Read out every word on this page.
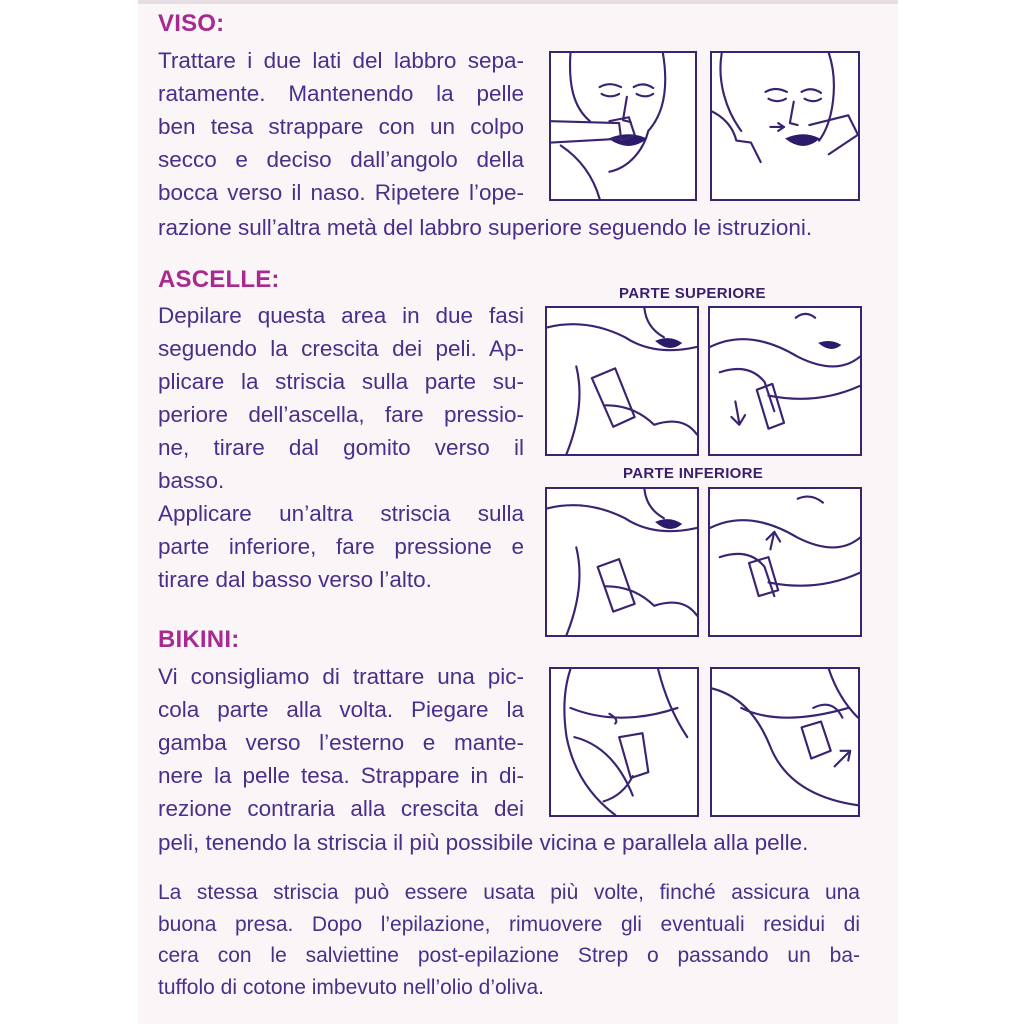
VISO:
Trattare i due lati del labbro sepa-
ratamente. Mantenendo la pelle
ben tesa strappare con un colpo
secco e deciso dall’angolo della
bocca verso il naso. Ripetere l’ope-

razione sull’altra metà del labbro superiore seguendo le istruzioni.

ASCELLE:
Depilare questa area in due fasi
seguendo la crescita dei peli. Ap-
plicare la striscia sulla parte su-
periore dell’ascella, fare pressio-
ne, tirare dal gomito verso il
basso.
Applicare un’altra striscia sulla
parte inferiore, fare pressione e
tirare dal basso verso l’alto.

PARTE SUPERIORE

PARTE INFERIORE

BIKINI:
Vi consigliamo di trattare una pic-
cola parte alla volta. Piegare la
gamba verso l’esterno e mante-
nere la pelle tesa. Strappare in di-
rezione contraria alla crescita dei

peli, tenendo la striscia il più possibile vicina e parallela alla pelle.

La stessa striscia può essere usata più volte, finché assicura una
buona presa. Dopo l’epilazione, rimuovere gli eventuali residui di
cera con le salviettine post-epilazione Strep o passando un ba-
tuffolo di cotone imbevuto nell’olio d’oliva.
